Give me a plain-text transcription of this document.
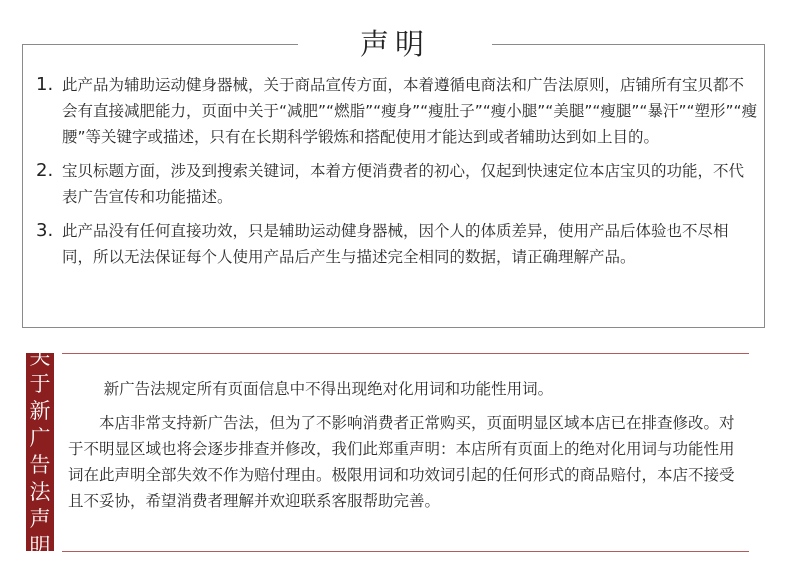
声明
1. 此产品为辅助运动健身器械，关于商品宣传方面，本着遵循电商法和广告法原则，店铺所有宝贝都不会有直接减肥能力，页面中关于“减肥”“燃脂”“瘦身”“瘦肚子”“瘦小腿”“美腿”“瘦腿”“暴汗”“塑形”“瘦腰”等关键字或描述，只有在长期科学锻炼和搭配使用才能达到或者辅助达到如上目的。
2. 宝贝标题方面，涉及到搜索关键词，本着方便消费者的初心，仅起到快速定位本店宝贝的功能，不代表广告宣传和功能描述。
3. 此产品没有任何直接功效，只是辅助运动健身器械，因个人的体质差异，使用产品后体验也不尽相同，所以无法保证每个人使用产品后产生与描述完全相同的数据，请正确理解产品。
关于新广告法声明

新广告法规定所有页面信息中不得出现绝对化用词和功能性用词。

本店非常支持新广告法，但为了不影响消费者正常购买，页面明显区域本店已在排查修改。对于不明显区域也将会逐步排查并修改，我们此郑重声明：本店所有页面上的绝对化用词与功能性用词在此声明全部失效不作为赔付理由。极限用词和功效词引起的任何形式的商品赔付，本店不接受且不妥协，希望消费者理解并欢迎联系客服帮助完善。
